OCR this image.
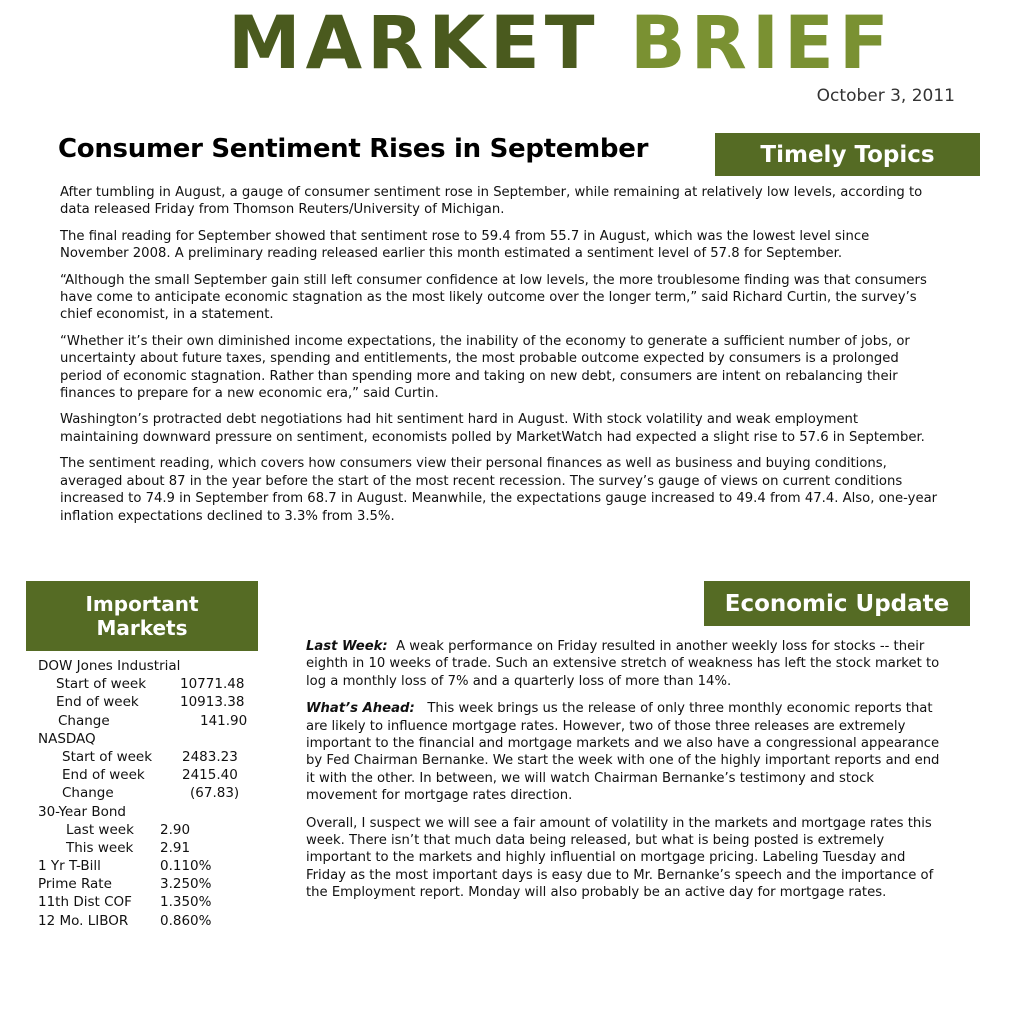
MARKET BRIEF
October 3, 2011
Consumer Sentiment Rises in September	Timely Topics

After tumbling in August, a gauge of consumer sentiment rose in September, while remaining at relatively low levels, according to data released Friday from Thomson Reuters/University of Michigan.

The final reading for September showed that sentiment rose to 59.4 from 55.7 in August, which was the lowest level since November 2008. A preliminary reading released earlier this month estimated a sentiment level of 57.8 for September.

“Although the small September gain still left consumer confidence at low levels, the more troublesome finding was that consumers have come to anticipate economic stagnation as the most likely outcome over the longer term,” said Richard Curtin, the survey’s chief economist, in a statement.

“Whether it’s their own diminished income expectations, the inability of the economy to generate a sufficient number of jobs, or uncertainty about future taxes, spending and entitlements, the most probable outcome expected by consumers is a prolonged period of economic stagnation. Rather than spending more and taking on new debt, consumers are intent on rebalancing their finances to prepare for a new economic era,” said Curtin.

Washington’s protracted debt negotiations had hit sentiment hard in August. With stock volatility and weak employment maintaining downward pressure on sentiment, economists polled by MarketWatch had expected a slight rise to 57.6 in September.

The sentiment reading, which covers how consumers view their personal finances as well as business and buying conditions, averaged about 87 in the year before the start of the most recent recession. The survey’s gauge of views on current conditions increased to 74.9 in September from 68.7 in August. Meanwhile, the expectations gauge increased to 49.4 from 47.4. Also, one-year inflation expectations declined to 3.3% from 3.5%.

Important
Markets
Economic Update

Last Week: A weak performance on Friday resulted in another weekly loss for stocks -- their eighth in 10 weeks of trade. Such an extensive stretch of weakness has left the stock market to log a monthly loss of 7% and a quarterly loss of more than 14%.

What’s Ahead: This week brings us the release of only three monthly economic reports that are likely to influence mortgage rates. However, two of those three releases are extremely important to the financial and mortgage markets and we also have a congressional appearance by Fed Chairman Bernanke. We start the week with one of the highly important reports and end it with the other. In between, we will watch Chairman Bernanke’s testimony and stock movement for mortgage rates direction.

Overall, I suspect we will see a fair amount of volatility in the markets and mortgage rates this week. There isn’t that much data being released, but what is being posted is extremely important to the markets and highly influential on mortgage pricing. Labeling Tuesday and Friday as the most important days is easy due to Mr. Bernanke’s speech and the importance of the Employment report. Monday will also probably be an active day for mortgage rates.

DOW Jones Industrial
Start of week	10771.48
End of week	10913.38
Change	141.90
NASDAQ
Start of week 2483.23
End of week	2415.40
Change	(67.83)
30-Year Bond
Last week 2.90
This week 2.91
1 Yr T-Bill	0.110%
Prime Rate	3.250%
11th Dist COF 1.350%
12 Mo. LIBOR 0.860%
